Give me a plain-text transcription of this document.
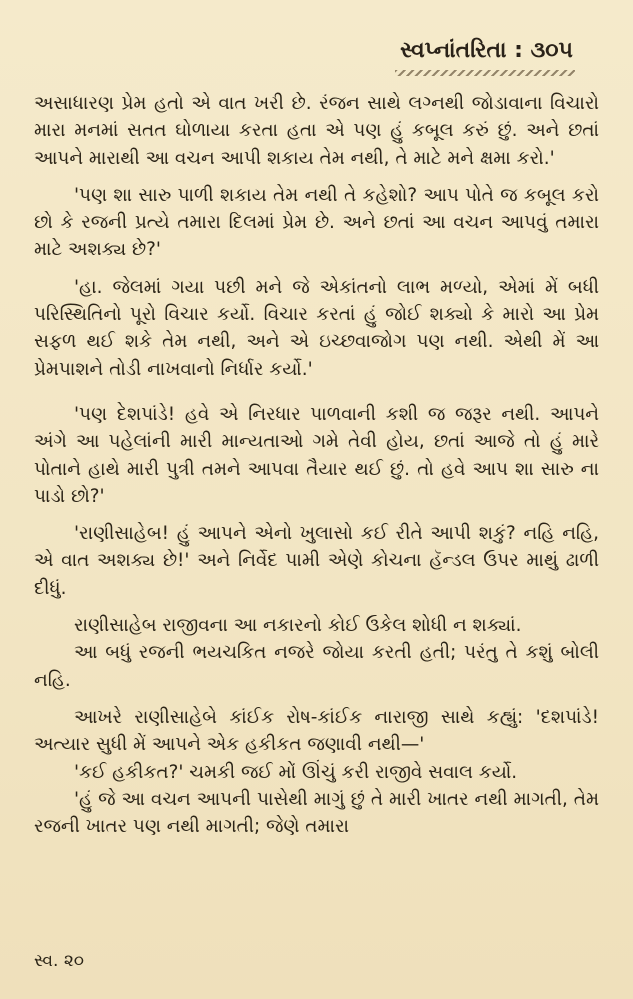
સ્વપ્નાંતરિતા : ૩૦૫

અસાધારણ પ્રેમ હતો એ વાત ખરી છે. રંજન સાથે લગ્નથી જોડાવાના વિચારો મારા મનમાં સતત ઘોળાયા કરતા હતા એ પણ હું કબૂલ કરું છું. અને છતાં આપને મારાથી આ વચન આપી શકાય તેમ નથી, તે માટે મને ક્ષમા કરો.'

'પણ શા સારુ પાળી શકાય તેમ નથી તે કહેશો? આપ પોતે જ કબૂલ કરો છો કે રજની પ્રત્યે તમારા દિલમાં પ્રેમ છે. અને છતાં આ વચન આપવું તમારા માટે અશક્ય છે?'

'હા. જેલમાં ગયા પછી મને જે એકાંતનો લાભ મળ્યો, એમાં મેં બધી પરિસ્થિતિનો પૂરો વિચાર કર્યો. વિચાર કરતાં હું જોઈ શક્યો કે મારો આ પ્રેમ સફળ થઈ શકે તેમ નથી, અને એ ઇચ્છવાજોગ પણ નથી. એથી મેં આ પ્રેમપાશને તોડી નાખવાનો નિર્ધાર કર્યો.'

'પણ દેશપાંડે! હવે એ નિરધાર પાળવાની કશી જ જરૂર નથી. આપને અંગે આ પહેલાંની મારી માન્યતાઓ ગમે તેવી હોય, છતાં આજે તો હું મારે પોતાને હાથે મારી પુત્રી તમને આપવા તૈયાર થઈ છું. તો હવે આપ શા સારુ ના પાડો છો?'

'રાણીસાહેબ! હું આપને એનો ખુલાસો કઈ રીતે આપી શકું? નહિ નહિ, એ વાત અશક્ય છે!' અને નિર્વેદ પામી એણે કોચના હૅન્ડલ ઉપર માથું ઢાળી દીધું.

રાણીસાહેબ રાજીવના આ નકારનો કોઈ ઉકેલ શોધી ન શક્યાં.

આ બધું રજની ભયચકિત નજરે જોયા કરતી હતી; પરંતુ તે કશું બોલી નહિ.

આખરે રાણીસાહેબે કાંઈક રોષ-કાંઈક નારાજી સાથે કહ્યું: 'દશપાંડે! અત્યાર સુધી મેં આપને એક હકીકત જણાવી નથી—'

'કઈ હકીકત?' ચમકી જઈ મોં ઊંચું કરી રાજીવે સવાલ કર્યો.

'હું જે આ વચન આપની પાસેથી માગું છું તે મારી ખાતર નથી માગતી, તેમ રજની ખાતર પણ નથી માગતી; જેણે તમારા

સ્વ. ૨૦
